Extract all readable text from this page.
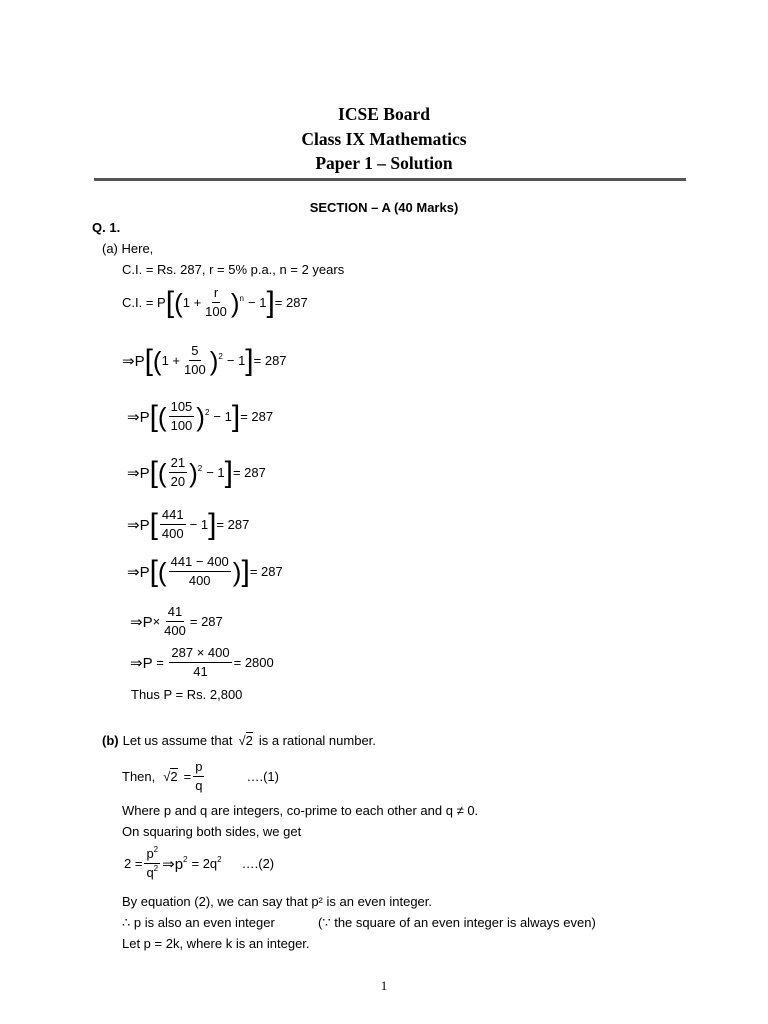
ICSE Board
Class IX Mathematics
Paper 1 – Solution
SECTION – A (40 Marks)
Q. 1.
(a) Here,
C.I. = Rs. 287, r = 5% p.a., n = 2 years
C.I. = P [ ( $1 + \frac{r}{100}$ ) n − 1 ] = 287
⇒P [ ( $1 + \frac{5}{100}$ ) 2 − 1 ] = 287
⇒P [ ( $\frac{105}{100}$ ) 2 − 1 ] = 287
⇒P [ ( $\frac{21}{20}$ ) 2 − 1 ] = 287
⇒P [ $\frac{441}{400} - 1$ ] = 287
⇒P [ ( $\frac{441 - 400}{400}$ ) ] = 287
⇒P × $\frac{41}{400} = 287$
⇒P = $\frac{287 \times 400}{41} = 2800$
Thus P = Rs. 2,800
(b) Let us assume that √2 is a rational number.
Then, $√2 = \frac{p}{q}$	….(1)
Where p and q are integers, co-prime to each other and q ≠ 0.
On squaring both sides, we get
$2 = \frac{p^2}{q^2}$ ⇒p 2 = 2q 2 ….(2)
By equation (2), we can say that p² is an even integer.
∴ p is also an even integer	(∵ the square of an even integer is always even)
Let p = 2k, where k is an integer.
1
